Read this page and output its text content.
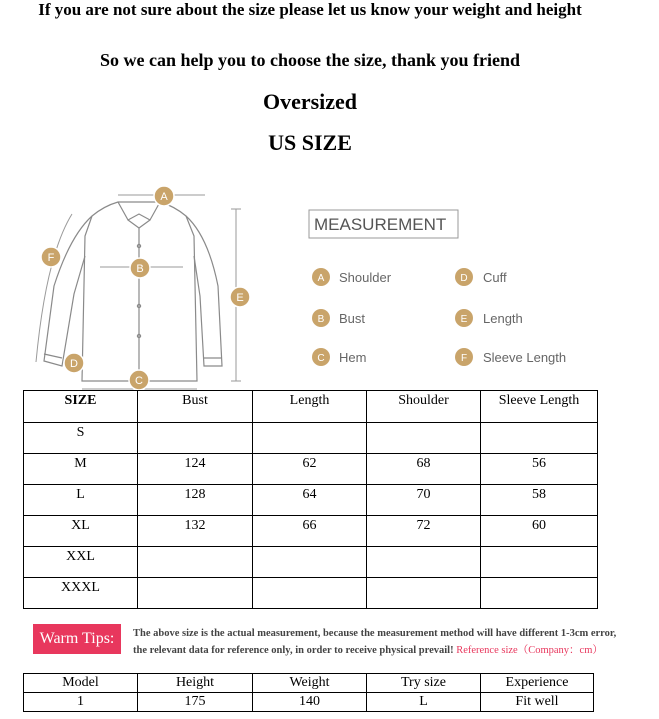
If you are not sure about the size please let us know your weight and height
So we can help you to choose the size, thank you friend
Oversized
US SIZE
A
B
C
D
E
F
MEASUREMENT
A
B
C
D
E
F
Shoulder
Bust
Hem
Cuff
Length
Sleeve Length
SIZE	Bust	Length	Shoulder	Sleeve Length
S				
M	124	62	68	56
L	128	64	70	58
XL	132	66	72	60
XXL				
XXXL				
Warm Tips:	The above size is the actual measurement, because the measurement method will have different 1-3cm error,
the relevant data for reference only, in order to receive physical prevail! Reference size（Company：cm）
Model	Height	Weight	Try size	Experience
1	175	140	L	Fit well
